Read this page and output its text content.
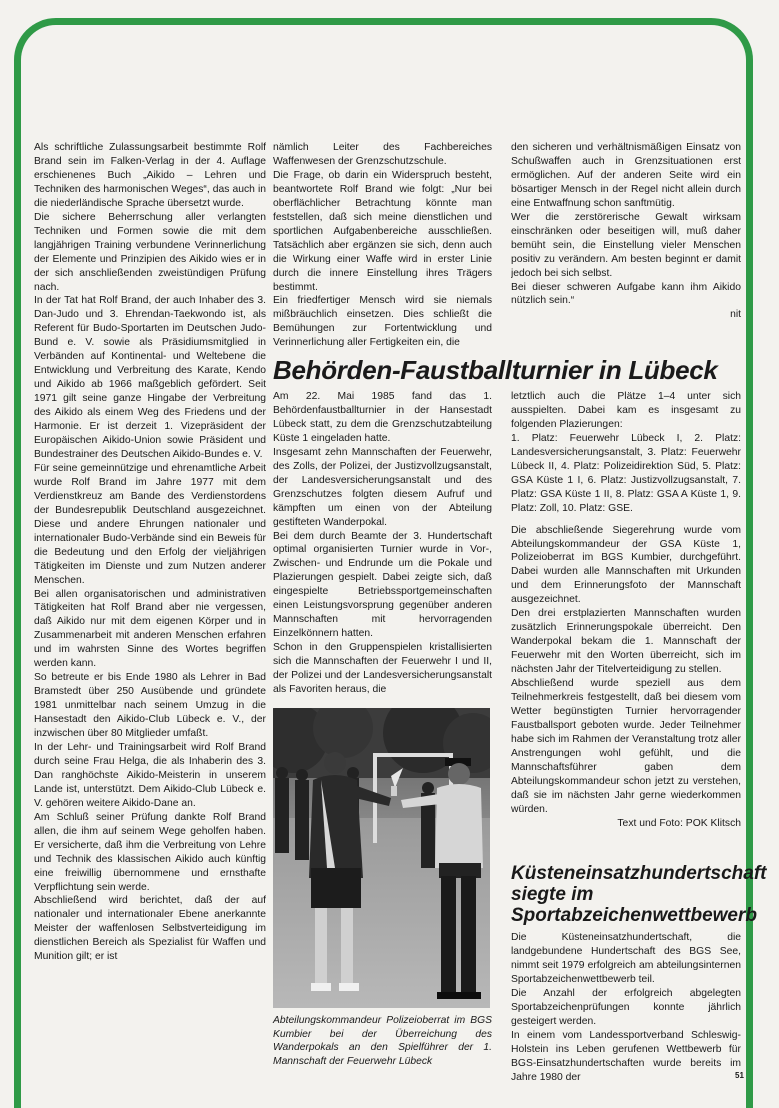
Als schriftliche Zulassungsarbeit bestimmte Rolf Brand sein im Falken-Verlag in der 4. Auflage erschienenes Buch „Aikido – Lehren und Techniken des harmonischen Weges“, das auch in die niederländische Sprache übersetzt wurde.

Die sichere Beherrschung aller verlangten Techniken und Formen sowie die mit dem langjährigen Training verbundene Verinnerlichung der Elemente und Prinzipien des Aikido wies er in der sich anschließenden zweistündigen Prüfung nach.

In der Tat hat Rolf Brand, der auch Inhaber des 3. Dan-Judo und 3. Ehrendan-Taekwondo ist, als Referent für Budo-Sportarten im Deutschen Judo-Bund e. V. sowie als Präsidiumsmitglied in Verbänden auf Kontinental- und Weltebene die Entwicklung und Verbreitung des Karate, Kendo und Aikido ab 1966 maßgeblich gefördert. Seit 1971 gilt seine ganze Hingabe der Verbreitung des Aikido als einem Weg des Friedens und der Harmonie. Er ist derzeit 1. Vizepräsident der Europäischen Aikido-Union sowie Präsident und Bundestrainer des Deutschen Aikido-Bundes e. V.

Für seine gemeinnützige und ehrenamtliche Arbeit wurde Rolf Brand im Jahre 1977 mit dem Verdienstkreuz am Bande des Verdienstordens der Bundesrepublik Deutschland ausgezeichnet. Diese und andere Ehrungen nationaler und internationaler Budo-Verbände sind ein Beweis für die Bedeutung und den Erfolg der vieljährigen Tätigkeiten im Dienste und zum Nutzen anderer Menschen.

Bei allen organisatorischen und administrativen Tätigkeiten hat Rolf Brand aber nie vergessen, daß Aikido nur mit dem eigenen Körper und in Zusammenarbeit mit anderen Menschen erfahren und im wahrsten Sinne des Wortes begriffen werden kann.

So betreute er bis Ende 1980 als Lehrer in Bad Bramstedt über 250 Ausübende und gründete 1981 unmittelbar nach seinem Umzug in die Hansestadt den Aikido-Club Lübeck e. V., der inzwischen über 80 Mitglieder umfaßt.

In der Lehr- und Trainingsarbeit wird Rolf Brand durch seine Frau Helga, die als Inhaberin des 3. Dan ranghöchste Aikido-Meisterin in unserem Lande ist, unterstützt. Dem Aikido-Club Lübeck e. V. gehören weitere Aikido-Dane an.

Am Schluß seiner Prüfung dankte Rolf Brand allen, die ihm auf seinem Wege geholfen haben. Er versicherte, daß ihm die Verbreitung von Lehre und Technik des klassischen Aikido auch künftig eine freiwillig übernommene und ernsthafte Verpflichtung sein werde.

Abschließend wird berichtet, daß der auf nationaler und internationaler Ebene anerkannte Meister der waffenlosen Selbstverteidigung im dienstlichen Bereich als Spezialist für Waffen und Munition gilt; er ist

nämlich Leiter des Fachbereiches Waffenwesen der Grenzschutzschule.

Die Frage, ob darin ein Widerspruch besteht, beantwortete Rolf Brand wie folgt: „Nur bei oberflächlicher Betrachtung könnte man feststellen, daß sich meine dienstlichen und sportlichen Aufgabenbereiche ausschließen. Tatsächlich aber ergänzen sie sich, denn auch die Wirkung einer Waffe wird in erster Linie durch die innere Einstellung ihres Trägers bestimmt.

Ein friedfertiger Mensch wird sie niemals mißbräuchlich einsetzen. Dies schließt die Bemühungen zur Fortentwicklung und Verinnerlichung aller Fertigkeiten ein, die

den sicheren und verhältnismäßigen Einsatz von Schußwaffen auch in Grenzsituationen erst ermöglichen. Auf der anderen Seite wird ein bösartiger Mensch in der Regel nicht allein durch eine Entwaffnung schon sanftmütig.

Wer die zerstörerische Gewalt wirksam einschränken oder beseitigen will, muß daher bemüht sein, die Einstellung vieler Menschen positiv zu verändern. Am besten beginnt er damit jedoch bei sich selbst.

Bei dieser schweren Aufgabe kann ihm Aikido nützlich sein.“

nit

Behörden-Faustballturnier in Lübeck

Am 22. Mai 1985 fand das 1. Behördenfaustballturnier in der Hansestadt Lübeck statt, zu dem die Grenzschutzabteilung Küste 1 eingeladen hatte.

Insgesamt zehn Mannschaften der Feuerwehr, des Zolls, der Polizei, der Justizvollzugsanstalt, der Landesversicherungsanstalt und des Grenzschutzes folgten diesem Aufruf und kämpften um einen von der Abteilung gestifteten Wanderpokal.

Bei dem durch Beamte der 3. Hundertschaft optimal organisierten Turnier wurde in Vor-, Zwischen- und Endrunde um die Pokale und Plazierungen gespielt. Dabei zeigte sich, daß eingespielte Betriebssportgemeinschaften einen Leistungsvorsprung gegenüber anderen Mannschaften mit hervorragenden Einzelkönnern hatten.

Schon in den Gruppenspielen kristallisierten sich die Mannschaften der Feuerwehr I und II, der Polizei und der Landesversicherungsanstalt als Favoriten heraus, die

letztlich auch die Plätze 1–4 unter sich ausspielten. Dabei kam es insgesamt zu folgenden Plazierungen:

1. Platz: Feuerwehr Lübeck I, 2. Platz: Landesversicherungsanstalt, 3. Platz: Feuerwehr Lübeck II, 4. Platz: Polizeidirektion Süd, 5. Platz: GSA Küste 1 I, 6. Platz: Justizvollzugsanstalt, 7. Platz: GSA Küste 1 II, 8. Platz: GSA A Küste 1, 9. Platz: Zoll, 10. Platz: GSE.

Die abschließende Siegerehrung wurde vom Abteilungskommandeur der GSA Küste 1, Polizeioberrat im BGS Kumbier, durchgeführt. Dabei wurden alle Mannschaften mit Urkunden und dem Erinnerungsfoto der Mannschaft ausgezeichnet.

Den drei erstplazierten Mannschaften wurden zusätzlich Erinnerungspokale überreicht. Den Wanderpokal bekam die 1. Mannschaft der Feuerwehr mit den Worten überreicht, sich im nächsten Jahr der Titelverteidigung zu stellen.

Abschließend wurde speziell aus dem Teilnehmerkreis festgestellt, daß bei diesem vom Wetter begünstigten Turnier hervorragender Faustballsport geboten wurde. Jeder Teilnehmer habe sich im Rahmen der Veranstaltung trotz aller Anstrengungen wohl gefühlt, und die Mannschaftsführer gaben dem Abteilungskommandeur schon jetzt zu verstehen, daß sie im nächsten Jahr gerne wiederkommen würden.

Text und Foto: POK Klitsch

Abteilungskommandeur Polizeioberrat im BGS Kumbier bei der Überreichung des Wanderpokals an den Spielführer der 1. Mannschaft der Feuerwehr Lübeck

Küsteneinsatzhundertschaft siegte im Sportabzeichenwettbewerb

Die Küsteneinsatzhundertschaft, die landgebundene Hundertschaft des BGS See, nimmt seit 1979 erfolgreich am abteilungsinternen Sportabzeichenwettbewerb teil.

Die Anzahl der erfolgreich abgelegten Sportabzeichenprüfungen konnte jährlich gesteigert werden.

In einem vom Landessportverband Schleswig-Holstein ins Leben gerufenen Wettbewerb für BGS-Einsatzhundertschaften wurde bereits im Jahre 1980 der	51
